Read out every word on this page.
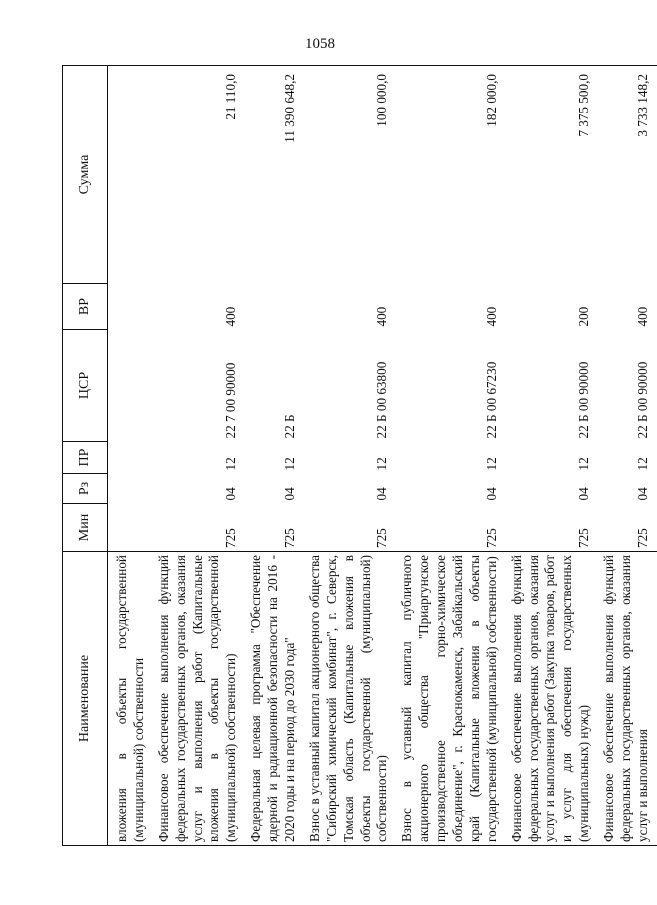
1058
Наименование	Мин	Рз	ПР	ЦСР	ВР	Сумма
вложения в объекты государственной (муниципальной) собственности						
Финансовое обеспечение выполнения функций федеральных государственных органов, оказания услуг и выполнения работ (Капитальные вложения в объекты государственной (муниципальной) собственности)	725	04	12	22 7 00 90000	400	21 110,0
Федеральная целевая программа "Обеспечение ядерной и радиационной безопасности на 2016 - 2020 годы и на период до 2030 года"	725	04	12	22 Б		11 390 648,2
Взнос в уставный капитал акционерного общества "Сибирский химический комбинат", г. Северск, Томская область (Капитальные вложения в объекты государственной (муниципальной) собственности)	725	04	12	22 Б 00 63800	400	100 000,0
Взнос в уставный капитал публичного акционерного общества "Приаргунское производственное горно-химическое объединение", г. Краснокаменск, Забайкальский край (Капитальные вложения в объекты государственной (муниципальной) собственности)	725	04	12	22 Б 00 67230	400	182 000,0
Финансовое обеспечение выполнения функций федеральных государственных органов, оказания услуг и выполнения работ (Закупка товаров, работ и услуг для обеспечения государственных (муниципальных) нужд)	725	04	12	22 Б 00 90000	200	7 375 500,0
Финансовое обеспечение выполнения функций федеральных государственных органов, оказания услуг и выполнения	725	04	12	22 Б 00 90000	400	3 733 148,2
